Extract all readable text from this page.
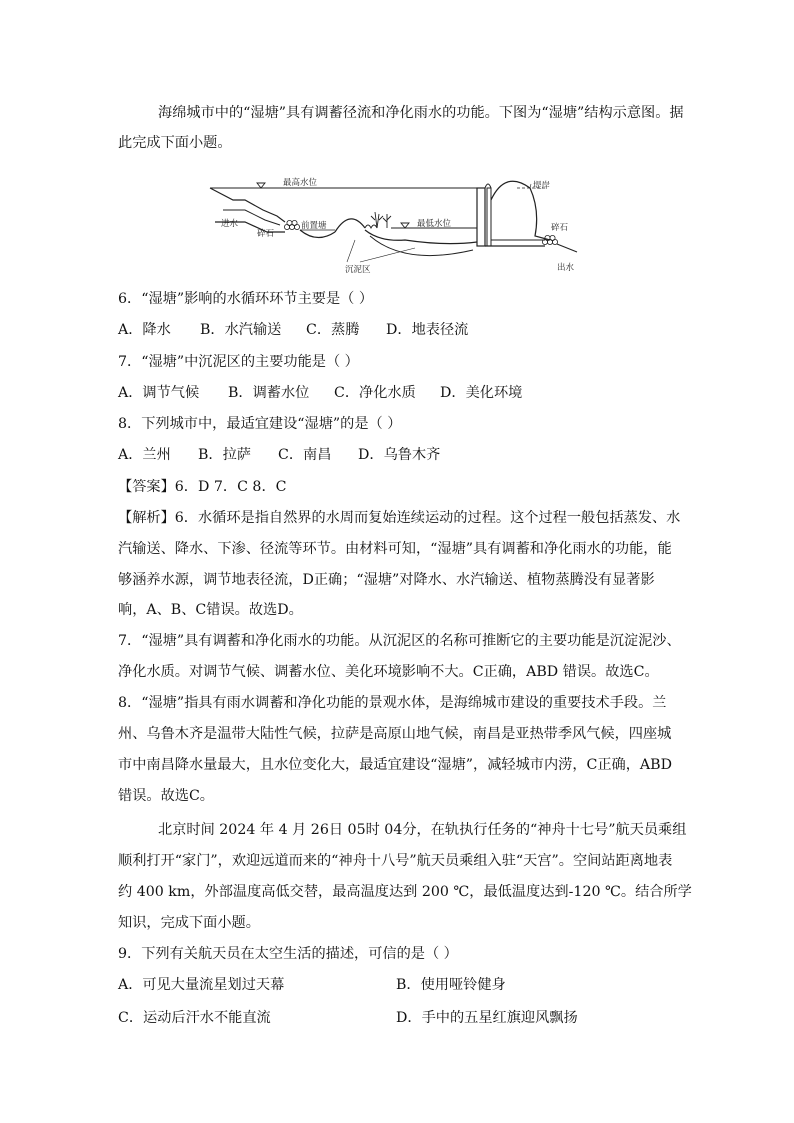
海绵城市中的“湿塘”具有调蓄径流和净化雨水的功能。下图为“湿塘”结构示意图。据
此完成下面小题。
最高水位	堤岸
进水
碎石
前置塘	最低水位	碎石
沉泥区	出水
6．“湿塘”影响的水循环环节主要是（ ）
A．降水 B．水汽输送 C．蒸腾 D．地表径流
7．“湿塘”中沉泥区的主要功能是（ ）
A．调节气候 B．调蓄水位 C．净化水质 D．美化环境
8．下列城市中，最适宜建设“湿塘”的是（ ）
A．兰州 B．拉萨 C．南昌 D．乌鲁木齐
【答案】6．D 7．C 8．C
【解析】6．水循环是指自然界的水周而复始连续运动的过程。这个过程一般包括蒸发、水
汽输送、降水、下渗、径流等环节。由材料可知，“湿塘”具有调蓄和净化雨水的功能，能
够涵养水源，调节地表径流，D正确；“湿塘”对降水、水汽输送、植物蒸腾没有显著影
响，A、B、C错误。故选D。
7．“湿塘”具有调蓄和净化雨水的功能。从沉泥区的名称可推断它的主要功能是沉淀泥沙、
净化水质。对调节气候、调蓄水位、美化环境影响不大。C正确，ABD 错误。故选C。
8．“湿塘”指具有雨水调蓄和净化功能的景观水体，是海绵城市建设的重要技术手段。兰
州、乌鲁木齐是温带大陆性气候，拉萨是高原山地气候，南昌是亚热带季风气候，四座城
市中南昌降水量最大，且水位变化大，最适宜建设“湿塘”，减轻城市内涝，C正确，ABD
错误。故选C。
北京时间 2024 年 4 月 26日 05时 04分，在轨执行任务的“神舟十七号”航天员乘组
顺利打开“家门”，欢迎远道而来的“神舟十八号”航天员乘组入驻“天宫”。空间站距离地表
约 400 km，外部温度高低交替，最高温度达到 200 ℃，最低温度达到-120 ℃。结合所学
知识，完成下面小题。
9．下列有关航天员在太空生活的描述，可信的是（ ）
A．可见大量流星划过天幕	B．使用哑铃健身
C．运动后汗水不能直流	D．手中的五星红旗迎风飘扬
